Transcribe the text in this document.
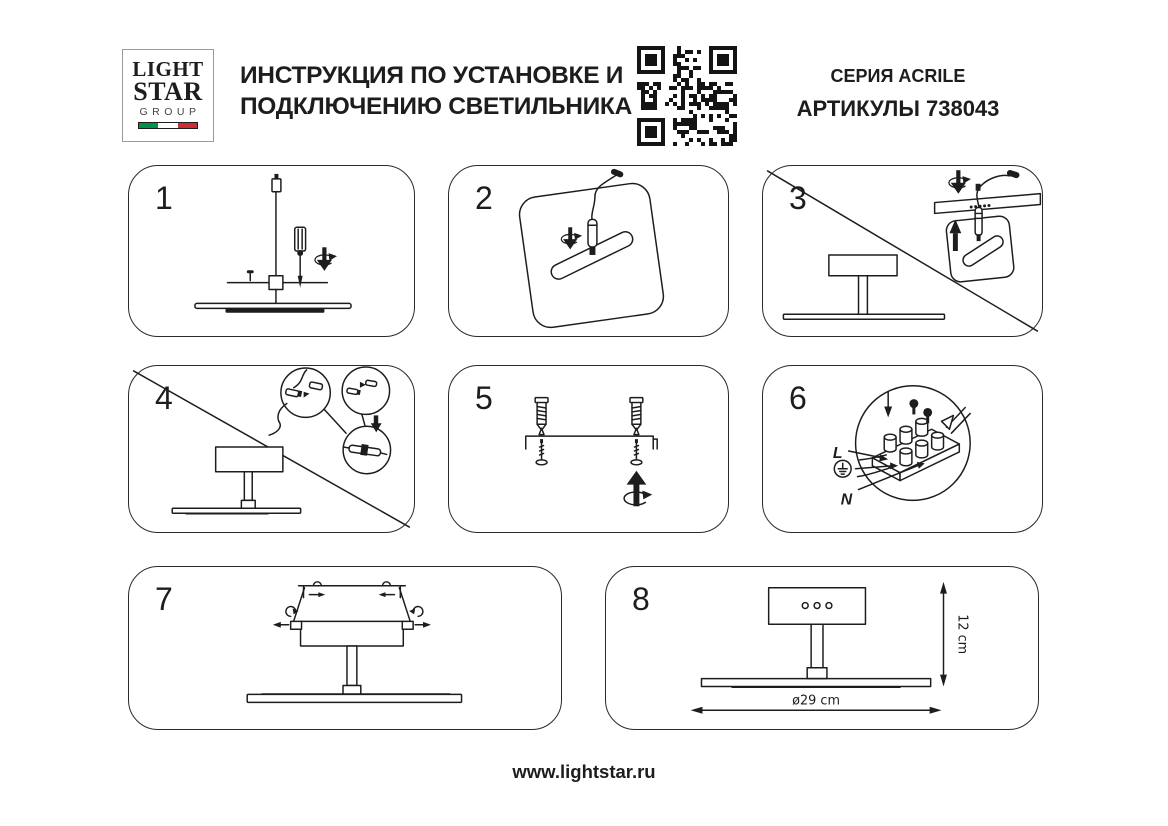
LIGHT
STAR
GROUP
ИНСТРУКЦИЯ ПО УСТАНОВКЕ И
ПОДКЛЮЧЕНИЮ СВЕТИЛЬНИКА
СЕРИЯ ACRILE
АРТИКУЛЫ 738043
1	2	3
4	5	6
L
N
7	8
12 cm
ø29 cm
www.lightstar.ru
